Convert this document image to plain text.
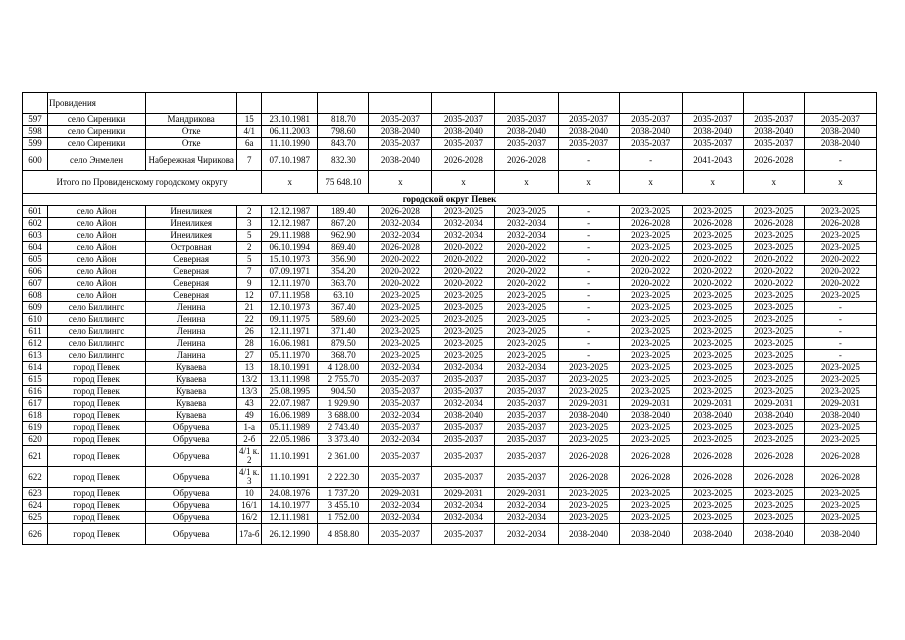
	Провидения												
597	село Сиреники	Мандрикова	15	23.10.1981	818.70	2035-2037	2035-2037	2035-2037	2035-2037	2035-2037	2035-2037	2035-2037	2035-2037
598	село Сиреники	Отке	4/1	06.11.2003	798.60	2038-2040	2038-2040	2038-2040	2038-2040	2038-2040	2038-2040	2038-2040	2038-2040
599	село Сиреники	Отке	6а	11.10.1990	843.70	2035-2037	2035-2037	2035-2037	2035-2037	2035-2037	2035-2037	2035-2037	2038-2040
600	село Энмелен	Набережная Чирикова	7	07.10.1987	832.30	2038-2040	2026-2028	2026-2028	-	-	2041-2043	2026-2028	-
Итого по Провиденскому городскому округу				х	75 648.10	х	х	х	х	х	х	х	х
городской округ Певек													
601	село Айон	Инеиликея	2	12.12.1987	189.40	2026-2028	2023-2025	2023-2025	-	2023-2025	2023-2025	2023-2025	2023-2025
602	село Айон	Инеиликея	3	12.12.1987	867.20	2032-2034	2032-2034	2032-2034	-	2026-2028	2026-2028	2026-2028	2026-2028
603	село Айон	Инеиликея	5	29.11.1988	962.90	2032-2034	2032-2034	2032-2034	-	2023-2025	2023-2025	2023-2025	2023-2025
604	село Айон	Островная	2	06.10.1994	869.40	2026-2028	2020-2022	2020-2022	-	2023-2025	2023-2025	2023-2025	2023-2025
605	село Айон	Северная	5	15.10.1973	356.90	2020-2022	2020-2022	2020-2022	-	2020-2022	2020-2022	2020-2022	2020-2022
606	село Айон	Северная	7	07.09.1971	354.20	2020-2022	2020-2022	2020-2022	-	2020-2022	2020-2022	2020-2022	2020-2022
607	село Айон	Северная	9	12.11.1970	363.70	2020-2022	2020-2022	2020-2022	-	2020-2022	2020-2022	2020-2022	2020-2022
608	село Айон	Северная	12	07.11.1958	63.10	2023-2025	2023-2025	2023-2025	-	2023-2025	2023-2025	2023-2025	2023-2025
609	село Биллингс	Ленина	21	12.10.1973	367.40	2023-2025	2023-2025	2023-2025	-	2023-2025	2023-2025	2023-2025	-
610	село Биллингс	Ленина	22	09.11.1975	589.60	2023-2025	2023-2025	2023-2025	-	2023-2025	2023-2025	2023-2025	-
611	село Биллингс	Ленина	26	12.11.1971	371.40	2023-2025	2023-2025	2023-2025	-	2023-2025	2023-2025	2023-2025	-
612	село Биллингс	Ленина	28	16.06.1981	879.50	2023-2025	2023-2025	2023-2025	-	2023-2025	2023-2025	2023-2025	-
613	село Биллингс	Ланина	27	05.11.1970	368.70	2023-2025	2023-2025	2023-2025	-	2023-2025	2023-2025	2023-2025	-
614	город Певек	Куваева	13	18.10.1991	4 128.00	2032-2034	2032-2034	2032-2034	2023-2025	2023-2025	2023-2025	2023-2025	2023-2025
615	город Певек	Куваева	13/2	13.11.1998	2 755.70	2035-2037	2035-2037	2035-2037	2023-2025	2023-2025	2023-2025	2023-2025	2023-2025
616	город Певек	Куваева	13/3	25.08.1995	904.50	2035-2037	2035-2037	2035-2037	2023-2025	2023-2025	2023-2025	2023-2025	2023-2025
617	город Певек	Куваева	43	22.07.1987	1 929.90	2035-2037	2032-2034	2035-2037	2029-2031	2029-2031	2029-2031	2029-2031	2029-2031
618	город Певек	Куваева	49	16.06.1989	3 688.00	2032-2034	2038-2040	2035-2037	2038-2040	2038-2040	2038-2040	2038-2040	2038-2040
619	город Певек	Обручева	1-а	05.11.1989	2 743.40	2035-2037	2035-2037	2035-2037	2023-2025	2023-2025	2023-2025	2023-2025	2023-2025
620	город Певек	Обручева	2-б	22.05.1986	3 373.40	2032-2034	2035-2037	2035-2037	2023-2025	2023-2025	2023-2025	2023-2025	2023-2025
621	город Певек	Обручева	4/1 к. 2	11.10.1991	2 361.00	2035-2037	2035-2037	2035-2037	2026-2028	2026-2028	2026-2028	2026-2028	2026-2028
622	город Певек	Обручева	4/1 к. 3	11.10.1991	2 222.30	2035-2037	2035-2037	2035-2037	2026-2028	2026-2028	2026-2028	2026-2028	2026-2028
623	город Певек	Обручева	10	24.08.1976	1 737.20	2029-2031	2029-2031	2029-2031	2023-2025	2023-2025	2023-2025	2023-2025	2023-2025
624	город Певек	Обручева	16/1	14.10.1977	3 455.10	2032-2034	2032-2034	2032-2034	2023-2025	2023-2025	2023-2025	2023-2025	2023-2025
625	город Певек	Обручева	16/2	12.11.1981	1 752.00	2032-2034	2032-2034	2032-2034	2023-2025	2023-2025	2023-2025	2023-2025	2023-2025
626	город Певек	Обручева	17а-б	26.12.1990	4 858.80	2035-2037	2035-2037	2032-2034	2038-2040	2038-2040	2038-2040	2038-2040	2038-2040
